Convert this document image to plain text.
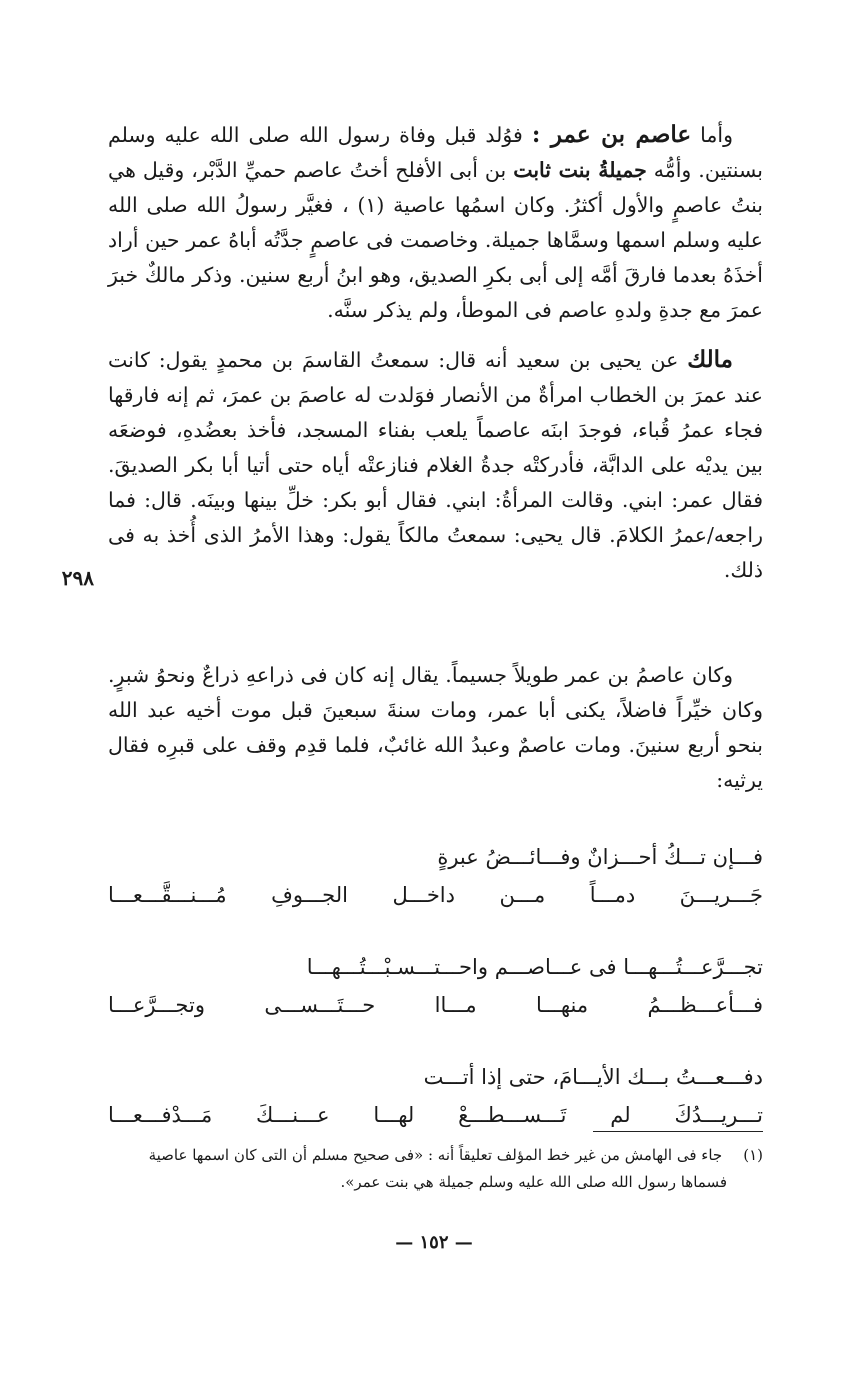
وأما عاصم بن عمر : فوُلد قبل وفاة رسول الله صلى الله عليه وسلم بسنتين. وأمُّه جميلةُ بنت ثابت بن أبى الأفلح أختُ عاصم حميِّ الدَّبْر، وقيل هي بنتُ عاصمٍ والأول أكثرُ. وكان اسمُها عاصية (١) ، فغيَّر رسولُ الله صلى الله عليه وسلم اسمها وسمَّاها جميلة. وخاصمت فى عاصمٍ جدَّتُه أباهُ عمر حين أراد أخذَهُ بعدما فارقَ أمَّه إلى أبى بكرِ الصديق، وهو ابنُ أربع سنين. وذكر مالكٌ خبرَ عمرَ مع جدةِ ولدهِ عاصم فى الموطأ، ولم يذكر سنَّه.

مالك عن يحيى بن سعيد أنه قال: سمعتُ القاسمَ بن محمدٍ يقول: كانت عند عمرَ بن الخطاب امرأةٌ من الأنصار فوَلدت له عاصمَ بن عمرَ، ثم إنه فارقها فجاء عمرُ قُباء، فوجدَ ابنَه عاصماً يلعب بفناء المسجد، فأخذ بعضُدهِ، فوضعَه بين يديْه على الدابَّة، فأدركتْه جدةُ الغلام فنازعتْه أياه حتى أتيا أبا بكر الصديقَ. فقال عمر: ابني. وقالت المرأةُ: ابني. فقال أبو بكر: خلِّ بينها وبينَه. قال: فما راجعه/عمرُ الكلامَ. قال يحيى: سمعتُ مالكاً يقول: وهذا الأمرُ الذى أُخذ به فى ذلك.

٢٩٨

وكان عاصمُ بن عمر طويلاً جسيماً. يقال إنه كان فى ذراعهِ ذراعٌ ونحوُ شبرٍ. وكان خيِّراً فاضلاً، يكنى أبا عمر، ومات سنةَ سبعينَ قبل موت أخيه عبد الله بنحو أربع سنينَ. ومات عاصمٌ وعبدُ الله غائبٌ، فلما قدِم وقف على قبرِه فقال يرثيه:

فـــإن تـــكُ أحـــزانٌ وفـــائـــضُ عبرةٍ
جَـــريـــنَ دمـــاً مـــن داخـــل الجـــوفِ مُـــنـــقَّـــعـــا
تجـــرَّعـــتُـــهـــا فى عـــاصـــم واحـــتـــسـبْـــتُـــهـــا
فـــأعـــظـــمُ منهـــا مـــاا حـــتَـــســـى وتجـــرَّعـــا
دفـــعـــتُ بـــك الأيـــامَ، حتى إذا أتـــت
تـــريـــدُكَ لم تَـــســـطـــعْ لهـــا عـــنـــكَ مَـــدْفـــعـــا
(١) جاء فى الهامش من غير خط المؤلف تعليقاً أنه : «فى صحيح مسلم أن التى كان اسمها عاصية
فسماها رسول الله صلى الله عليه وسلم جميلة هي بنت عمر».
— ١٥٢ —
